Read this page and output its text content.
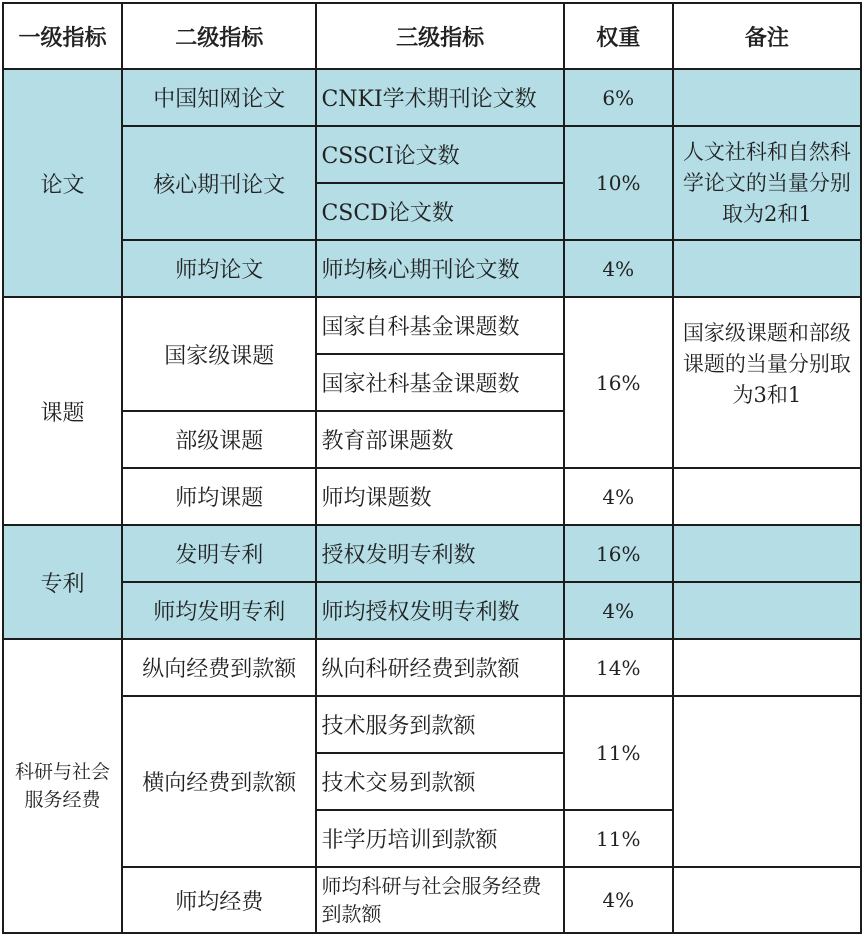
一级指标	二级指标	三级指标	权重	备注
论文	中国知网论文	CNKI学术期刊论文数	6%	
	核心期刊论文	CSSCI论文数	10%	人文社科和自然科学论文的当量分别取为2和1
		CSCD论文数		
	师均论文	师均核心期刊论文数	4%	
课题	国家级课题	国家自科基金课题数	16%	国家级课题和部级课题的当量分别取为3和1
		国家社科基金课题数		
	部级课题	教育部课题数		
	师均课题	师均课题数	4%	
专利	发明专利	授权发明专利数	16%	
	师均发明专利	师均授权发明专利数	4%	
科研与社会服务经费	纵向经费到款额	纵向科研经费到款额	14%	
	横向经费到款额	技术服务到款额	11%	
		技术交易到款额		
		非学历培训到款额	11%	
	师均经费	师均科研与社会服务经费到款额	4%	
